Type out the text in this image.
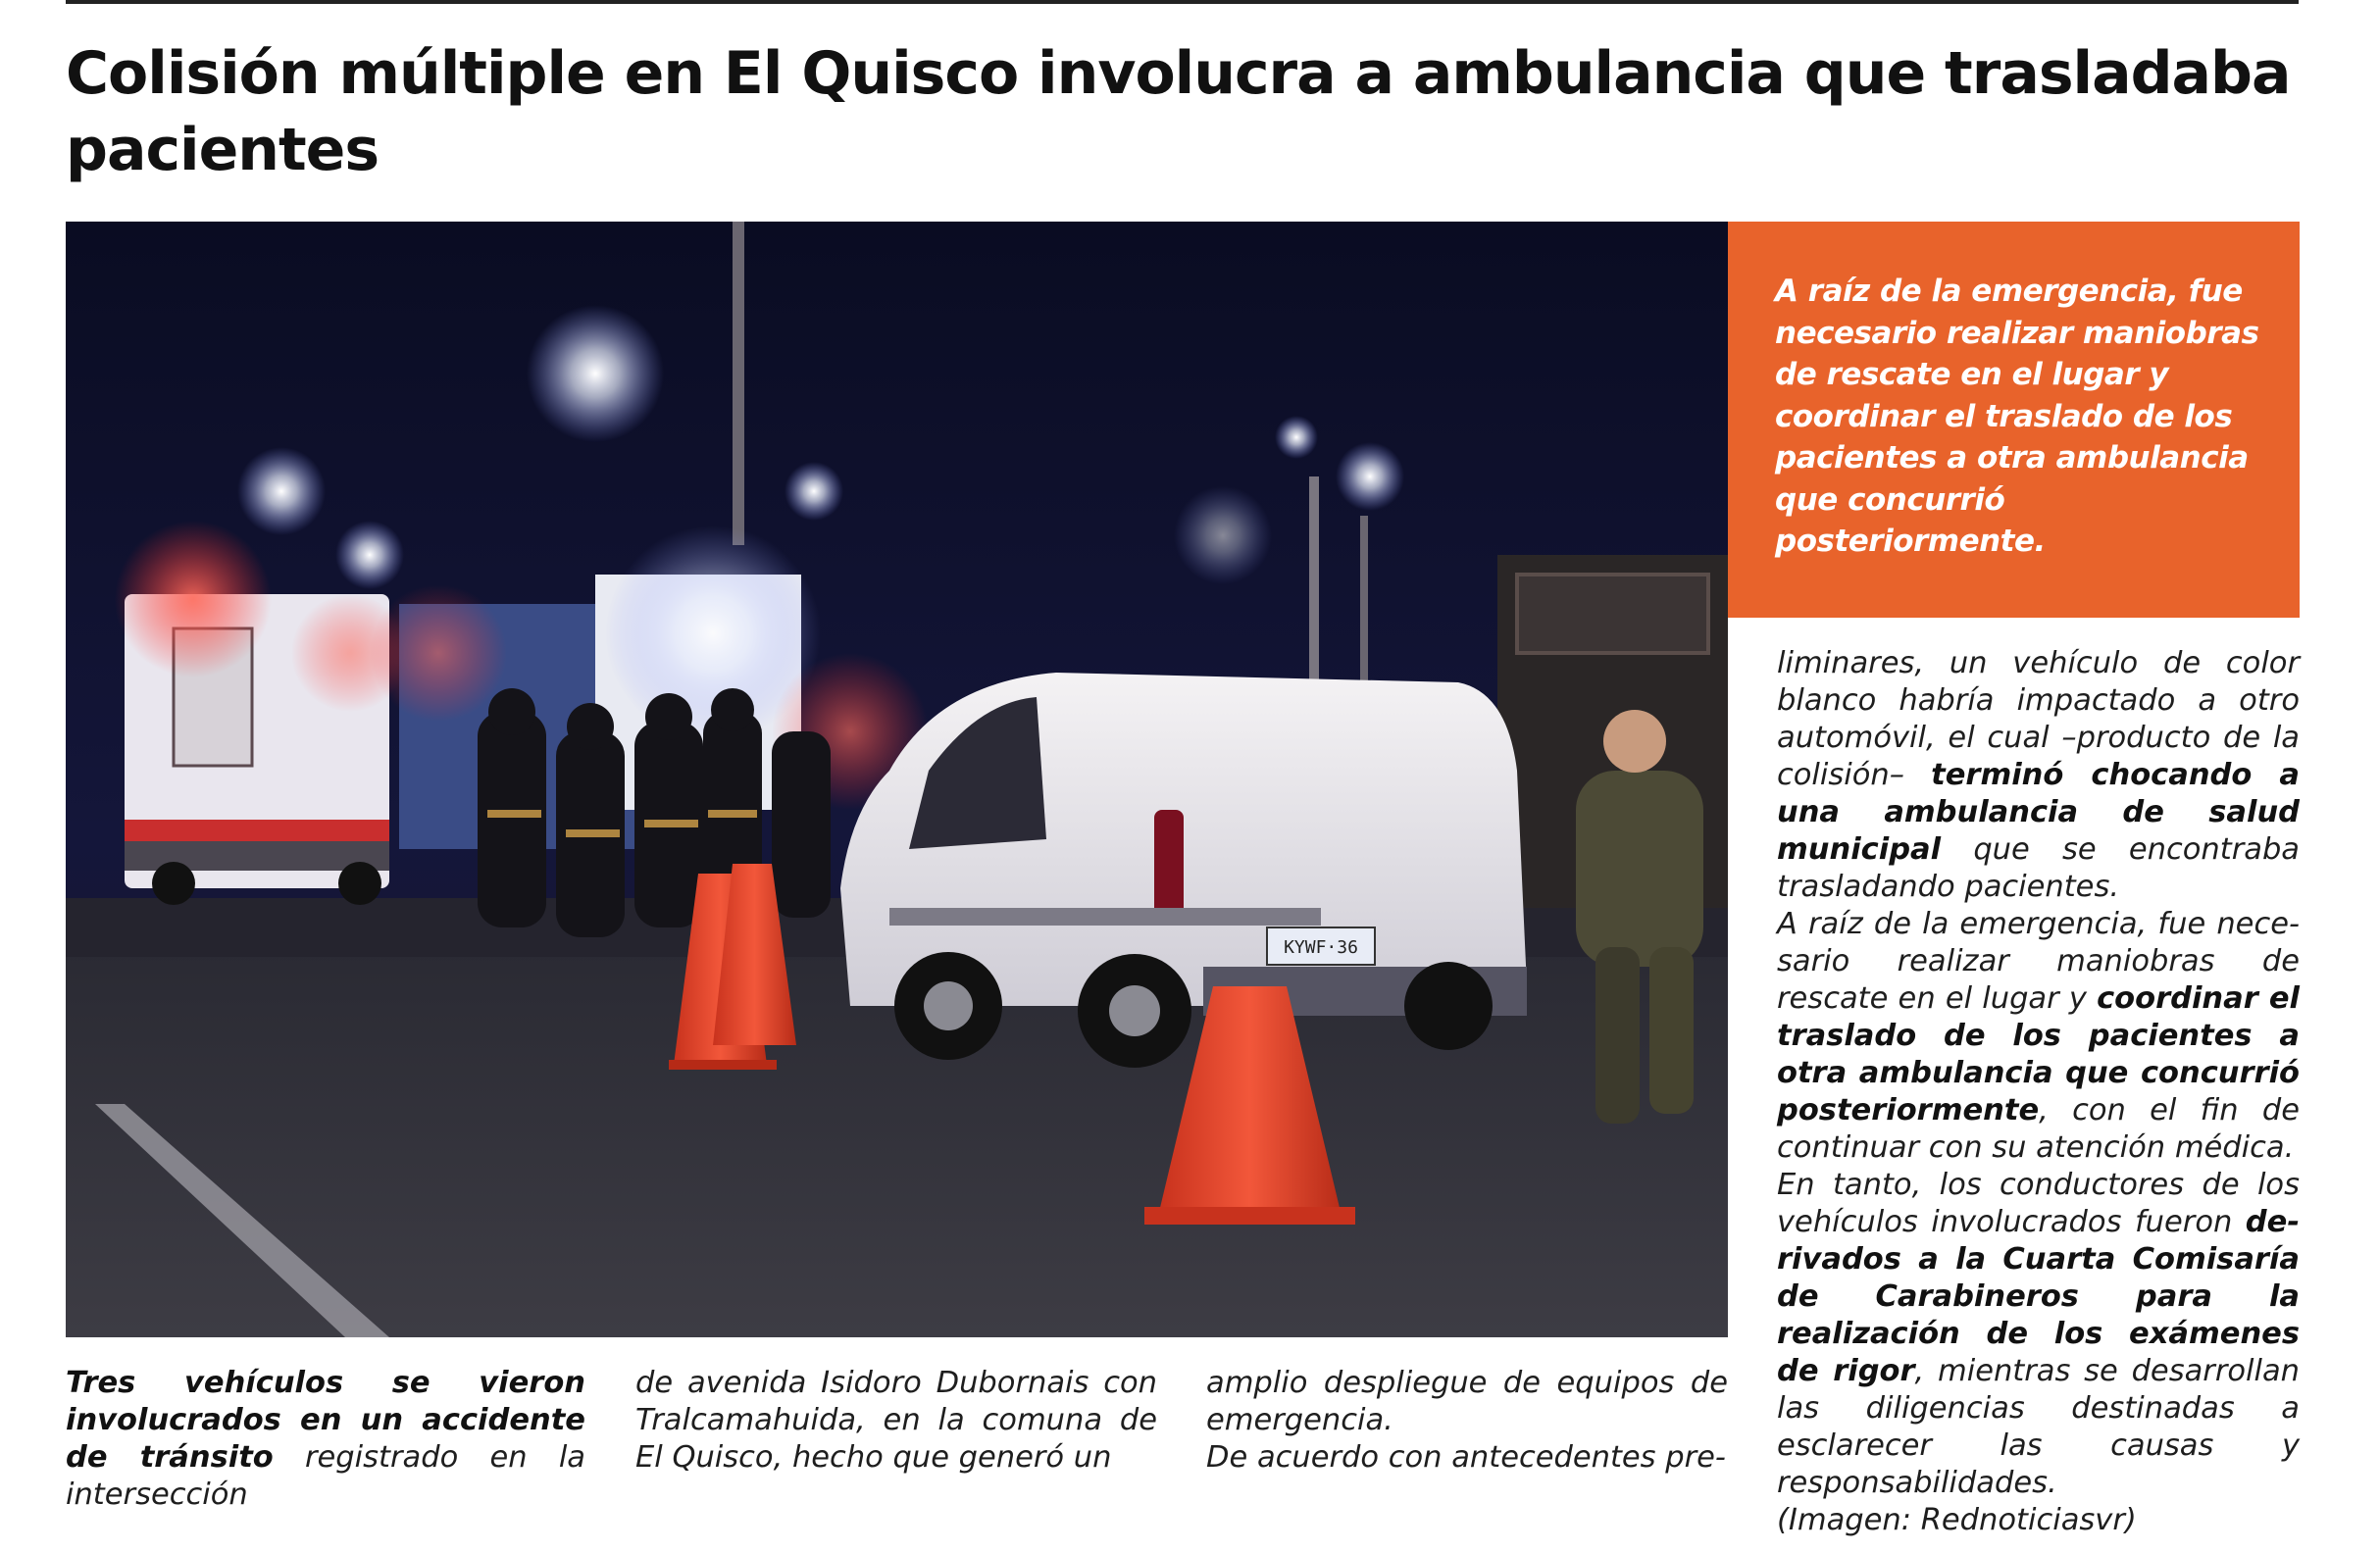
Colisión múltiple en El Quisco involucra a ambulancia que trasladaba pacientes
KYWF·36

A raíz de la emergencia, fue necesario realizar maniobras de rescate en el lugar y coordinar el traslado de los pacientes a otra ambulancia que concurrió posteriormente.

Tres vehículos se vieron involucrados en un accidente de tránsito registrado en la intersección

de avenida Isidoro Dubornais con Tralcamahuida, en la comuna de El Quisco, hecho que generó un

amplio despliegue de equipos de emergencia.

De acuerdo con antecedentes pre-

liminares, un vehículo de color blanco habría impactado a otro automóvil, el cual –producto de la colisión– terminó chocando a una ambulancia de salud municipal que se encontraba trasladando pacientes.

A raíz de la emergencia, fue necesario realizar maniobras de rescate en el lugar y coordinar el traslado de los pacientes a otra ambulancia que concurrió posteriormente, con el fin de continuar con su atención médica.

En tanto, los conductores de los vehículos involucrados fueron derivados a la Cuarta Comisaría de Carabineros para la realización de los exámenes de rigor, mientras se desarrollan las diligencias destinadas a esclarecer las causas y responsabilidades.

(Imagen: Rednoticiasvr)
